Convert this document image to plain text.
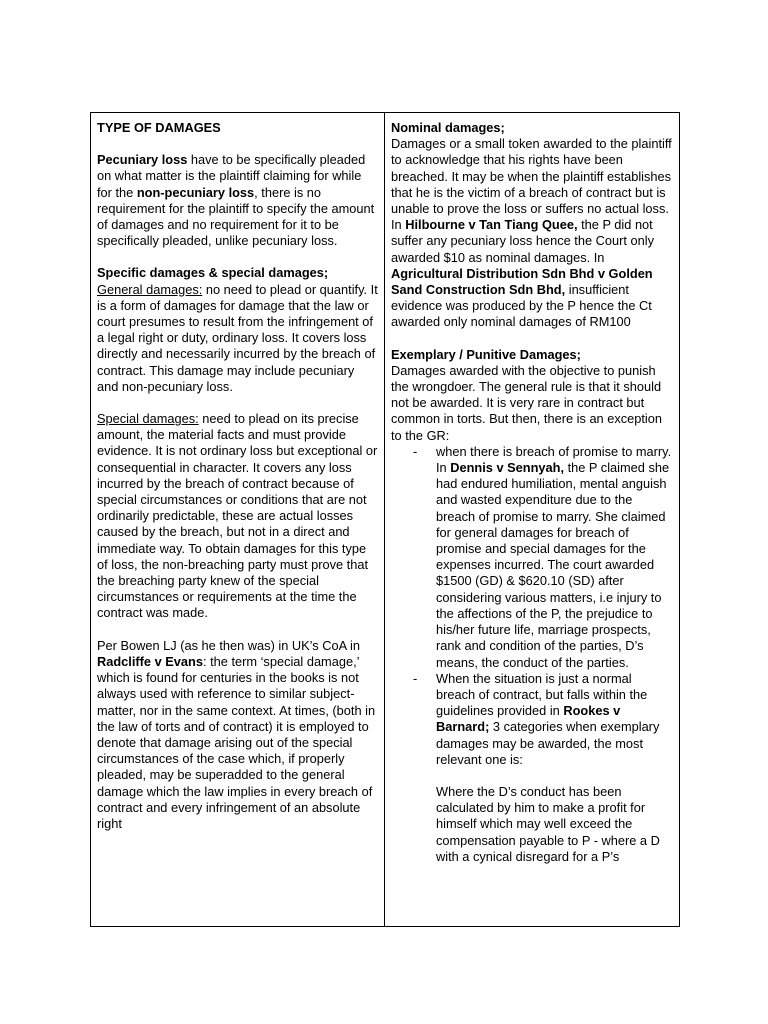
TYPE OF DAMAGES

Pecuniary loss have to be specifically pleaded on what matter is the plaintiff claiming for while for the non-pecuniary loss, there is no requirement for the plaintiff to specify the amount of damages and no requirement for it to be specifically pleaded, unlike pecuniary loss.

Specific damages & special damages;

General damages: no need to plead or quantify. It is a form of damages for damage that the law or court presumes to result from the infringement of a legal right or duty, ordinary loss. It covers loss directly and necessarily incurred by the breach of contract. This damage may include pecuniary and non-pecuniary loss.

Special damages: need to plead on its precise amount, the material facts and must provide evidence. It is not ordinary loss but exceptional or consequential in character. It covers any loss incurred by the breach of contract because of special circumstances or conditions that are not ordinarily predictable, these are actual losses caused by the breach, but not in a direct and immediate way. To obtain damages for this type of loss, the non-breaching party must prove that the breaching party knew of the special circumstances or requirements at the time the contract was made.

Per Bowen LJ (as he then was) in UK’s CoA in Radcliffe v Evans: the term ‘special damage,’ which is found for centuries in the books is not always used with reference to similar subject-matter, nor in the same context. At times, (both in the law of torts and of contract) it is employed to denote that damage arising out of the special circumstances of the case which, if properly pleaded, may be superadded to the general damage which the law implies in every breach of contract and every infringement of an absolute right

Nominal damages;

Damages or a small token awarded to the plaintiff to acknowledge that his rights have been breached. It may be when the plaintiff establishes that he is the victim of a breach of contract but is unable to prove the loss or suffers no actual loss. In Hilbourne v Tan Tiang Quee, the P did not suffer any pecuniary loss hence the Court only awarded $10 as nominal damages. In Agricultural Distribution Sdn Bhd v Golden Sand Construction Sdn Bhd, insufficient evidence was produced by the P hence the Ct awarded only nominal damages of RM100

Exemplary / Punitive Damages;

Damages awarded with the objective to punish the wrongdoer. The general rule is that it should not be awarded. It is very rare in contract but common in torts. But then, there is an exception to the GR:

- when there is breach of promise to marry. In Dennis v Sennyah, the P claimed she had endured humiliation, mental anguish and wasted expenditure due to the breach of promise to marry. She claimed for general damages for breach of promise and special damages for the expenses incurred. The court awarded $1500 (GD) & $620.10 (SD) after considering various matters, i.e injury to the affections of the P, the prejudice to his/her future life, marriage prospects, rank and condition of the parties, D’s means, the conduct of the parties.
- When the situation is just a normal breach of contract, but falls within the guidelines provided in Rookes v Barnard; 3 categories when exemplary damages may be awarded, the most relevant one is:

Where the D’s conduct has been calculated by him to make a profit for himself which may well exceed the compensation payable to P - where a D with a cynical disregard for a P’s
